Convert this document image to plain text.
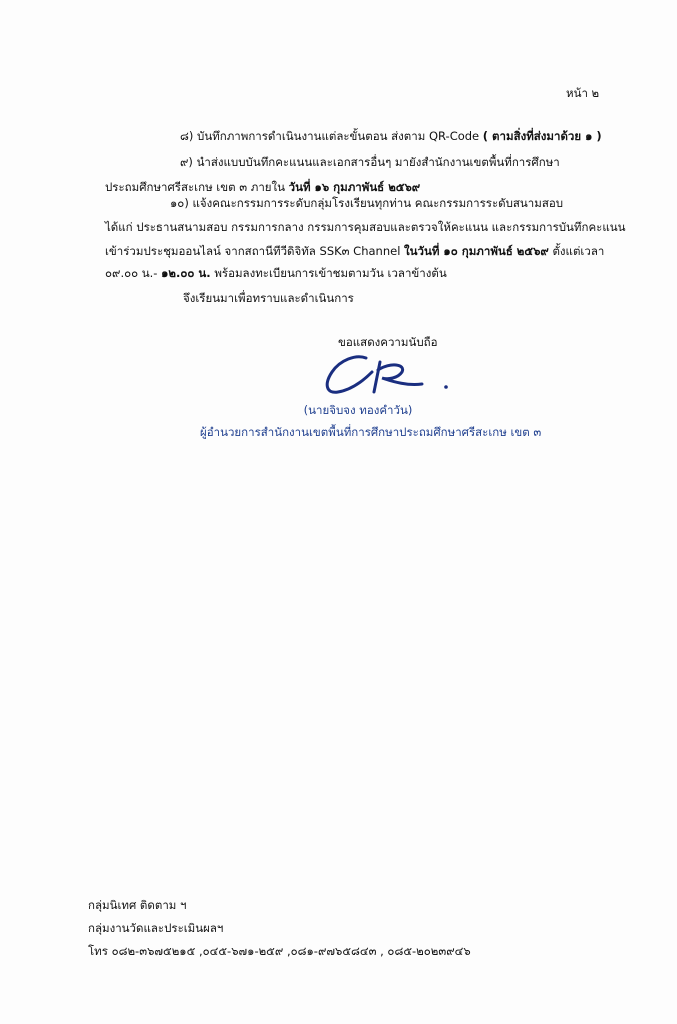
หน้า ๒
๘) บันทึกภาพการดำเนินงานแต่ละขั้นตอน ส่งตาม QR-Code ( ตามสิ่งที่ส่งมาด้วย ๑ )
๙) นำส่งแบบบันทึกคะแนนและเอกสารอื่นๆ มายังสำนักงานเขตพื้นที่การศึกษา
ประถมศึกษาศรีสะเกษ เขต ๓ ภายใน วันที่ ๑๖ กุมภาพันธ์ ๒๕๖๙
๑๐) แจ้งคณะกรรมการระดับกลุ่มโรงเรียนทุกท่าน คณะกรรมการระดับสนามสอบ
ได้แก่ ประธานสนามสอบ กรรมการกลาง กรรมการคุมสอบและตรวจให้คะแนน และกรรมการบันทึกคะแนน
เข้าร่วมประชุมออนไลน์ จากสถานีทีวีดิจิทัล SSK๓ Channel ในวันที่ ๑๐ กุมภาพันธ์ ๒๕๖๙ ตั้งแต่เวลา
๐๙.๐๐ น.- ๑๒.๐๐ น. พร้อมลงทะเบียนการเข้าชมตามวัน เวลาข้างต้น
จึงเรียนมาเพื่อทราบและดำเนินการ
ขอแสดงความนับถือ
(นายจิบจง ทองคำวัน)
ผู้อำนวยการสำนักงานเขตพื้นที่การศึกษาประถมศึกษาศรีสะเกษ เขต ๓
กลุ่มนิเทศ ติดตาม ฯ
กลุ่มงานวัดและประเมินผลฯ
โทร ๐๘๒-๓๖๗๕๒๑๕ ,๐๔๕-๖๗๑-๒๕๙ ,๐๘๑-๙๗๖๕๘๔๓ , ๐๘๕-๒๐๒๓๙๔๖
